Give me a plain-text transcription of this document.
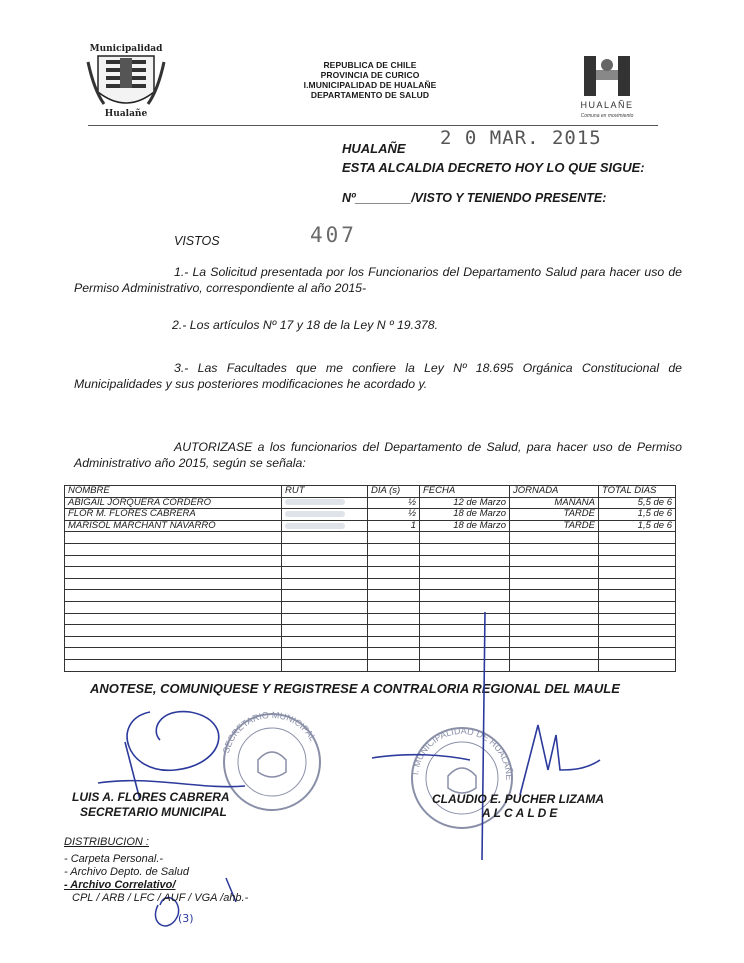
Municipalidad
Hualañe
REPUBLICA DE CHILE
PROVINCIA DE CURICO
I.MUNICIPALIDAD DE HUALAÑE
DEPARTAMENTO DE SALUD
HUALAÑE
Comuna en movimiento
2 0 MAR. 2015
HUALAÑE
ESTA ALCALDIA DECRETO HOY LO QUE SIGUE:
Nº________/VISTO Y TENIENDO PRESENTE:
VISTOS	407
1.- La Solicitud presentada por los Funcionarios del Departamento Salud para hacer uso de Permiso Administrativo, correspondiente al año 2015-
2.- Los artículos Nº 17 y 18 de la Ley N º 19.378.
3.- Las Facultades que me confiere la Ley Nº 18.695 Orgánica Constitucional de Municipalidades y sus posteriores modificaciones he acordado y.
AUTORIZASE a los funcionarios del Departamento de Salud, para hacer uso de Permiso Administrativo año 2015, según se señala:
NOMBRE	RUT	DIA (s)	FECHA	JORNADA	TOTAL DIAS
ABIGAIL JORQUERA CORDERO		½	12 de Marzo	MAÑANA	5,5 de 6
FLOR M. FLORES CABRERA		½	18 de Marzo	TARDE	1,5 de 6
MARISOL MARCHANT NAVARRO		1	18 de Marzo	TARDE	1,5 de 6

ANOTESE, COMUNIQUESE Y REGISTRESE A CONTRALORIA REGIONAL DEL MAULE
SECRETARIO MUNICIPAL
I. MUNICIPALIDAD DE HUALAÑE
(3)
LUIS A. FLORES CABRERA
SECRETARIO MUNICIPAL
CLAUDIO E. PUCHER LIZAMA
ALCALDE
DISTRIBUCION :
- Carpeta Personal.-
- Archivo Depto. de Salud
- Archivo Correlativo/
CPL / ARB / LFC / AUF / VGA /ahb.-
